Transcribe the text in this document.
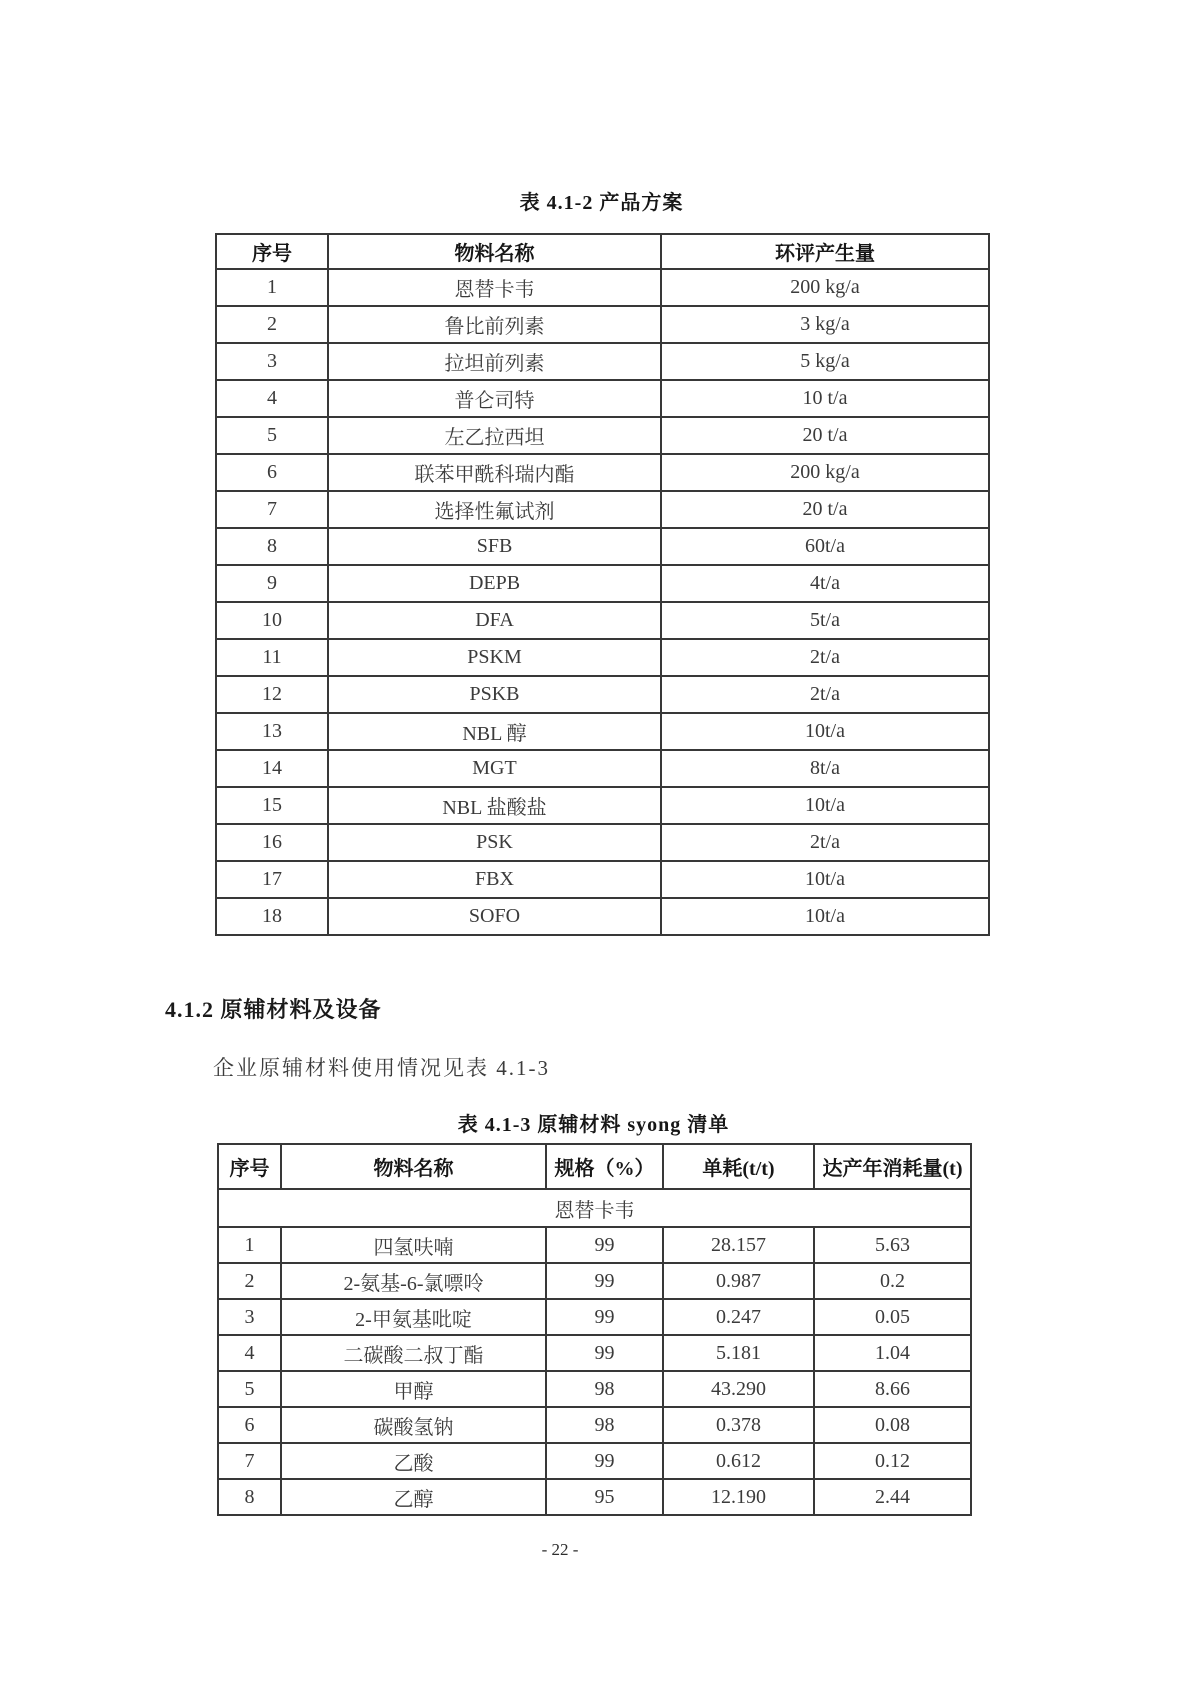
表 4.1-2 产品方案
序号	物料名称	环评产生量
1	恩替卡韦	200 kg/a
2	鲁比前列素	3 kg/a
3	拉坦前列素	5 kg/a
4	普仑司特	10 t/a
5	左乙拉西坦	20 t/a
6	联苯甲酰科瑞内酯	200 kg/a
7	选择性氟试剂	20 t/a
8	SFB	60t/a
9	DEPB	4t/a
10	DFA	5t/a
11	PSKM	2t/a
12	PSKB	2t/a
13	NBL 醇	10t/a
14	MGT	8t/a
15	NBL 盐酸盐	10t/a
16	PSK	2t/a
17	FBX	10t/a
18	SOFO	10t/a
4.1.2 原辅材料及设备
企业原辅材料使用情况见表 4.1-3
表 4.1-3 原辅材料 syong 清单
序号	物料名称	规格（%）	单耗(t/t)	达产年消耗量(t)
恩替卡韦				
1	四氢呋喃	99	28.157	5.63
2	2-氨基-6-氯嘌呤	99	0.987	0.2
3	2-甲氨基吡啶	99	0.247	0.05
4	二碳酸二叔丁酯	99	5.181	1.04
5	甲醇	98	43.290	8.66
6	碳酸氢钠	98	0.378	0.08
7	乙酸	99	0.612	0.12
8	乙醇	95	12.190	2.44
- 22 -
